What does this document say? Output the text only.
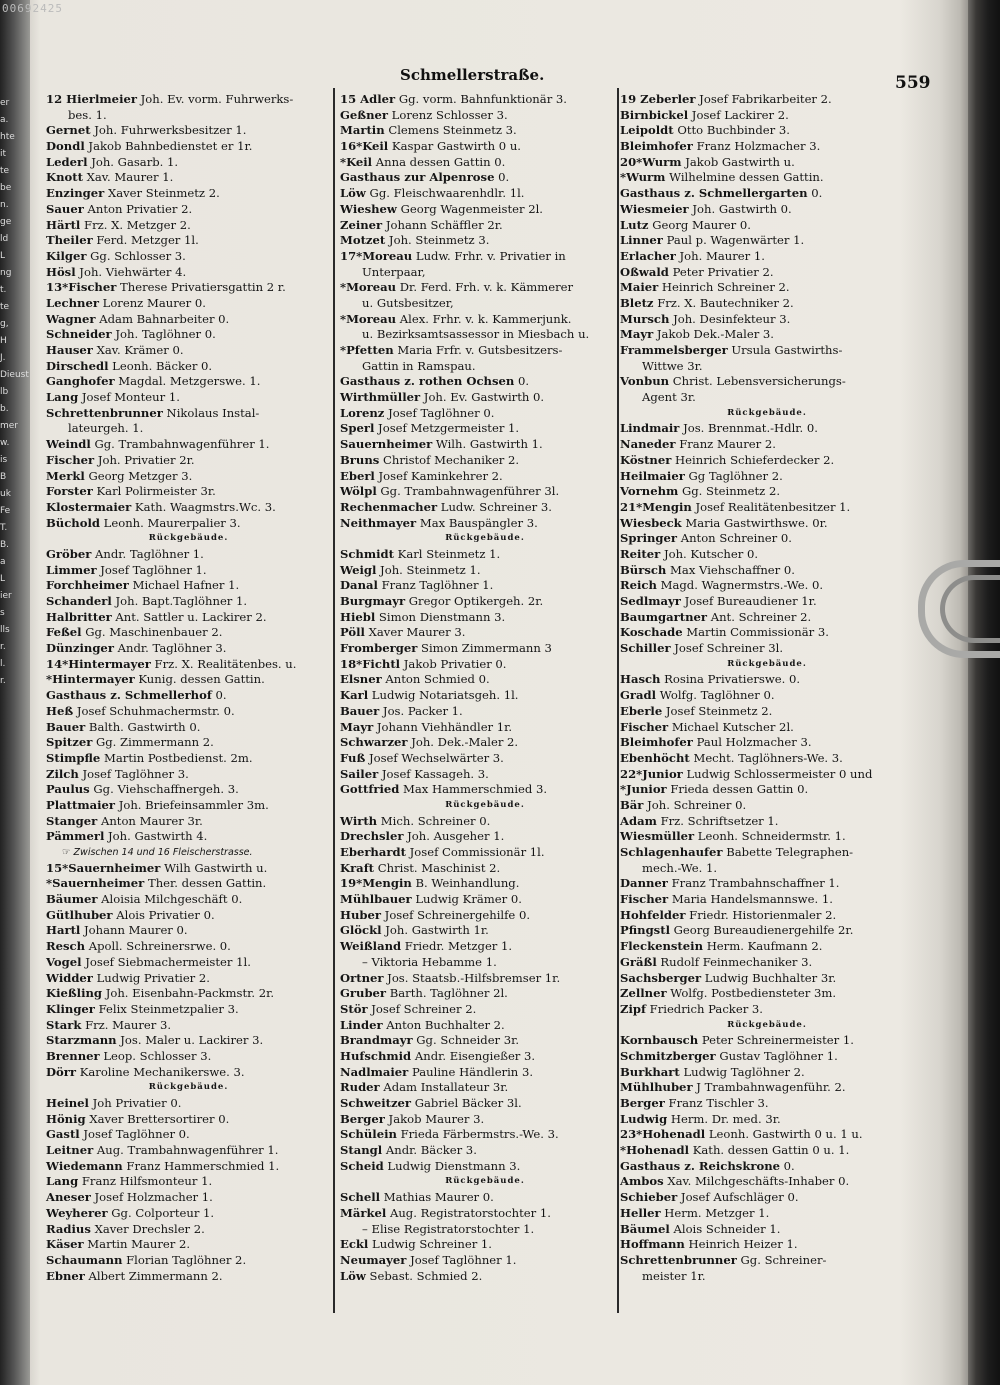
00692425
er
a.
hte
it
te
be
n.
ge
ld
L
ng
t.
te
g,
H
J.
Dieust
lb
b.
mer
w.
is
B
uk
Fe
T.
B.
a
L
ier
s
lls
r.
l.
r.
Schmellerstraße.	559
12 Hierlmeier Joh. Ev. vorm. Fuhrwerks-
bes. 1.
Gernet Joh. Fuhrwerksbesitzer 1.
Dondl Jakob Bahnbedienstet er 1r.
Lederl Joh. Gasarb. 1.
Knott Xav. Maurer 1.
Enzinger Xaver Steinmetz 2.
Sauer Anton Privatier 2.
Härtl Frz. X. Metzger 2.
Theiler Ferd. Metzger 1l.
Kilger Gg. Schlosser 3.
Hösl Joh. Viehwärter 4.
13*Fischer Therese Privatiersgattin 2 r.
Lechner Lorenz Maurer 0.
Wagner Adam Bahnarbeiter 0.
Schneider Joh. Taglöhner 0.
Hauser Xav. Krämer 0.
Dirschedl Leonh. Bäcker 0.
Ganghofer Magdal. Metzgerswe. 1.
Lang Josef Monteur 1.
Schrettenbrunner Nikolaus Instal-
lateurgeh. 1.
Weindl Gg. Trambahnwagenführer 1.
Fischer Joh. Privatier 2r.
Merkl Georg Metzger 3.
Forster Karl Polirmeister 3r.
Klostermaier Kath. Waagmstrs.Wc. 3.
Büchold Leonh. Maurerpalier 3.
Rückgebäude.
Gröber Andr. Taglöhner 1.
Limmer Josef Taglöhner 1.
Forchheimer Michael Hafner 1.
Schanderl Joh. Bapt.Taglöhner 1.
Halbritter Ant. Sattler u. Lackirer 2.
Feßel Gg. Maschinenbauer 2.
Dünzinger Andr. Taglöhner 3.
14*Hintermayer Frz. X. Realitätenbes. u.
*Hintermayer Kunig. dessen Gattin.
Gasthaus z. Schmellerhof 0.
Heß Josef Schuhmachermstr. 0.
Bauer Balth. Gastwirth 0.
Spitzer Gg. Zimmermann 2.
Stimpfle Martin Postbedienst. 2m.
Zilch Josef Taglöhner 3.
Paulus Gg. Viehschaffnergeh. 3.
Plattmaier Joh. Briefeinsammler 3m.
Stanger Anton Maurer 3r.
Pämmerl Joh. Gastwirth 4.
☞ Zwischen 14 und 16 Fleischerstrasse.
15*Sauernheimer Wilh Gastwirth u.
*Sauernheimer Ther. dessen Gattin.
Bäumer Aloisia Milchgeschäft 0.
Gütlhuber Alois Privatier 0.
Hartl Johann Maurer 0.
Resch Apoll. Schreinersrwe. 0.
Vogel Josef Siebmachermeister 1l.
Widder Ludwig Privatier 2.
Kießling Joh. Eisenbahn-Packmstr. 2r.
Klinger Felix Steinmetzpalier 3.
Stark Frz. Maurer 3.
Starzmann Jos. Maler u. Lackirer 3.
Brenner Leop. Schlosser 3.
Dörr Karoline Mechanikerswe. 3.
Rückgebäude.
Heinel Joh Privatier 0.
Hönig Xaver Brettersortirer 0.
Gastl Josef Taglöhner 0.
Leitner Aug. Trambahnwagenführer 1.
Wiedemann Franz Hammerschmied 1.
Lang Franz Hilfsmonteur 1.
Aneser Josef Holzmacher 1.
Weyherer Gg. Colporteur 1.
Radius Xaver Drechsler 2.
Käser Martin Maurer 2.
Schaumann Florian Taglöhner 2.
Ebner Albert Zimmermann 2.
15 Adler Gg. vorm. Bahnfunktionär 3.
Geßner Lorenz Schlosser 3.
Martin Clemens Steinmetz 3.
16*Keil Kaspar Gastwirth 0 u.
*Keil Anna dessen Gattin 0.
Gasthaus zur Alpenrose 0.
Löw Gg. Fleischwaarenhdlr. 1l.
Wieshew Georg Wagenmeister 2l.
Zeiner Johann Schäffler 2r.
Motzet Joh. Steinmetz 3.
17*Moreau Ludw. Frhr. v. Privatier in
Unterpaar,
*Moreau Dr. Ferd. Frh. v. k. Kämmerer
u. Gutsbesitzer,
*Moreau Alex. Frhr. v. k. Kammerjunk.
u. Bezirksamtsassessor in Miesbach u.
*Pfetten Maria Frfr. v. Gutsbesitzers-
Gattin in Ramspau.
Gasthaus z. rothen Ochsen 0.
Wirthmüller Joh. Ev. Gastwirth 0.
Lorenz Josef Taglöhner 0.
Sperl Josef Metzgermeister 1.
Sauernheimer Wilh. Gastwirth 1.
Bruns Christof Mechaniker 2.
Eberl Josef Kaminkehrer 2.
Wölpl Gg. Trambahnwagenführer 3l.
Rechenmacher Ludw. Schreiner 3.
Neithmayer Max Bauspängler 3.
Rückgebäude.
Schmidt Karl Steinmetz 1.
Weigl Joh. Steinmetz 1.
Danal Franz Taglöhner 1.
Burgmayr Gregor Optikergeh. 2r.
Hiebl Simon Dienstmann 3.
Pöll Xaver Maurer 3.
Fromberger Simon Zimmermann 3
18*Fichtl Jakob Privatier 0.
Elsner Anton Schmied 0.
Karl Ludwig Notariatsgeh. 1l.
Bauer Jos. Packer 1.
Mayr Johann Viehhändler 1r.
Schwarzer Joh. Dek.-Maler 2.
Fuß Josef Wechselwärter 3.
Sailer Josef Kassageh. 3.
Gottfried Max Hammerschmied 3.
Rückgebäude.
Wirth Mich. Schreiner 0.
Drechsler Joh. Ausgeher 1.
Eberhardt Josef Commissionär 1l.
Kraft Christ. Maschinist 2.
19*Mengin B. Weinhandlung.
Mühlbauer Ludwig Krämer 0.
Huber Josef Schreinergehilfe 0.
Glöckl Joh. Gastwirth 1r.
Weißland Friedr. Metzger 1.
– Viktoria Hebamme 1.
Ortner Jos. Staatsb.-Hilfsbremser 1r.
Gruber Barth. Taglöhner 2l.
Stör Josef Schreiner 2.
Linder Anton Buchhalter 2.
Brandmayr Gg. Schneider 3r.
Hufschmid Andr. Eisengießer 3.
Nadlmaier Pauline Händlerin 3.
Ruder Adam Installateur 3r.
Schweitzer Gabriel Bäcker 3l.
Berger Jakob Maurer 3.
Schülein Frieda Färbermstrs.-We. 3.
Stangl Andr. Bäcker 3.
Scheid Ludwig Dienstmann 3.
Rückgebäude.
Schell Mathias Maurer 0.
Märkel Aug. Registratorstochter 1.
– Elise Registratorstochter 1.
Eckl Ludwig Schreiner 1.
Neumayer Josef Taglöhner 1.
Löw Sebast. Schmied 2.
19 Zeberler Josef Fabrikarbeiter 2.
Birnbickel Josef Lackirer 2.
Leipoldt Otto Buchbinder 3.
Bleimhofer Franz Holzmacher 3.
20*Wurm Jakob Gastwirth u.
*Wurm Wilhelmine dessen Gattin.
Gasthaus z. Schmellergarten 0.
Wiesmeier Joh. Gastwirth 0.
Lutz Georg Maurer 0.
Linner Paul p. Wagenwärter 1.
Erlacher Joh. Maurer 1.
Oßwald Peter Privatier 2.
Maier Heinrich Schreiner 2.
Bletz Frz. X. Bautechniker 2.
Mursch Joh. Desinfekteur 3.
Mayr Jakob Dek.-Maler 3.
Frammelsberger Ursula Gastwirths-
Wittwe 3r.
Vonbun Christ. Lebensversicherungs-
Agent 3r.
Rückgebäude.
Lindmair Jos. Brennmat.-Hdlr. 0.
Naneder Franz Maurer 2.
Köstner Heinrich Schieferdecker 2.
Heilmaier Gg Taglöhner 2.
Vornehm Gg. Steinmetz 2.
21*Mengin Josef Realitätenbesitzer 1.
Wiesbeck Maria Gastwirthswe. 0r.
Springer Anton Schreiner 0.
Reiter Joh. Kutscher 0.
Bürsch Max Viehschaffner 0.
Reich Magd. Wagnermstrs.-We. 0.
Sedlmayr Josef Bureaudiener 1r.
Baumgartner Ant. Schreiner 2.
Koschade Martin Commissionär 3.
Schiller Josef Schreiner 3l.
Rückgebäude.
Hasch Rosina Privatierswe. 0.
Gradl Wolfg. Taglöhner 0.
Eberle Josef Steinmetz 2.
Fischer Michael Kutscher 2l.
Bleimhofer Paul Holzmacher 3.
Ebenhöcht Mecht. Taglöhners-We. 3.
22*Junior Ludwig Schlossermeister 0 und
*Junior Frieda dessen Gattin 0.
Bär Joh. Schreiner 0.
Adam Frz. Schriftsetzer 1.
Wiesmüller Leonh. Schneidermstr. 1.
Schlagenhaufer Babette Telegraphen-
mech.-We. 1.
Danner Franz Trambahnschaffner 1.
Fischer Maria Handelsmannswe. 1.
Hohfelder Friedr. Historienmaler 2.
Pfingstl Georg Bureaudienergehilfe 2r.
Fleckenstein Herm. Kaufmann 2.
Gräßl Rudolf Feinmechaniker 3.
Sachsberger Ludwig Buchhalter 3r.
Zellner Wolfg. Postbediensteter 3m.
Zipf Friedrich Packer 3.
Rückgebäude.
Kornbausch Peter Schreinermeister 1.
Schmitzberger Gustav Taglöhner 1.
Burkhart Ludwig Taglöhner 2.
Mühlhuber J Trambahnwagenführ. 2.
Berger Franz Tischler 3.
Ludwig Herm. Dr. med. 3r.
23*Hohenadl Leonh. Gastwirth 0 u. 1 u.
*Hohenadl Kath. dessen Gattin 0 u. 1.
Gasthaus z. Reichskrone 0.
Ambos Xav. Milchgeschäfts-Inhaber 0.
Schieber Josef Aufschläger 0.
Heller Herm. Metzger 1.
Bäumel Alois Schneider 1.
Hoffmann Heinrich Heizer 1.
Schrettenbrunner Gg. Schreiner-
meister 1r.
